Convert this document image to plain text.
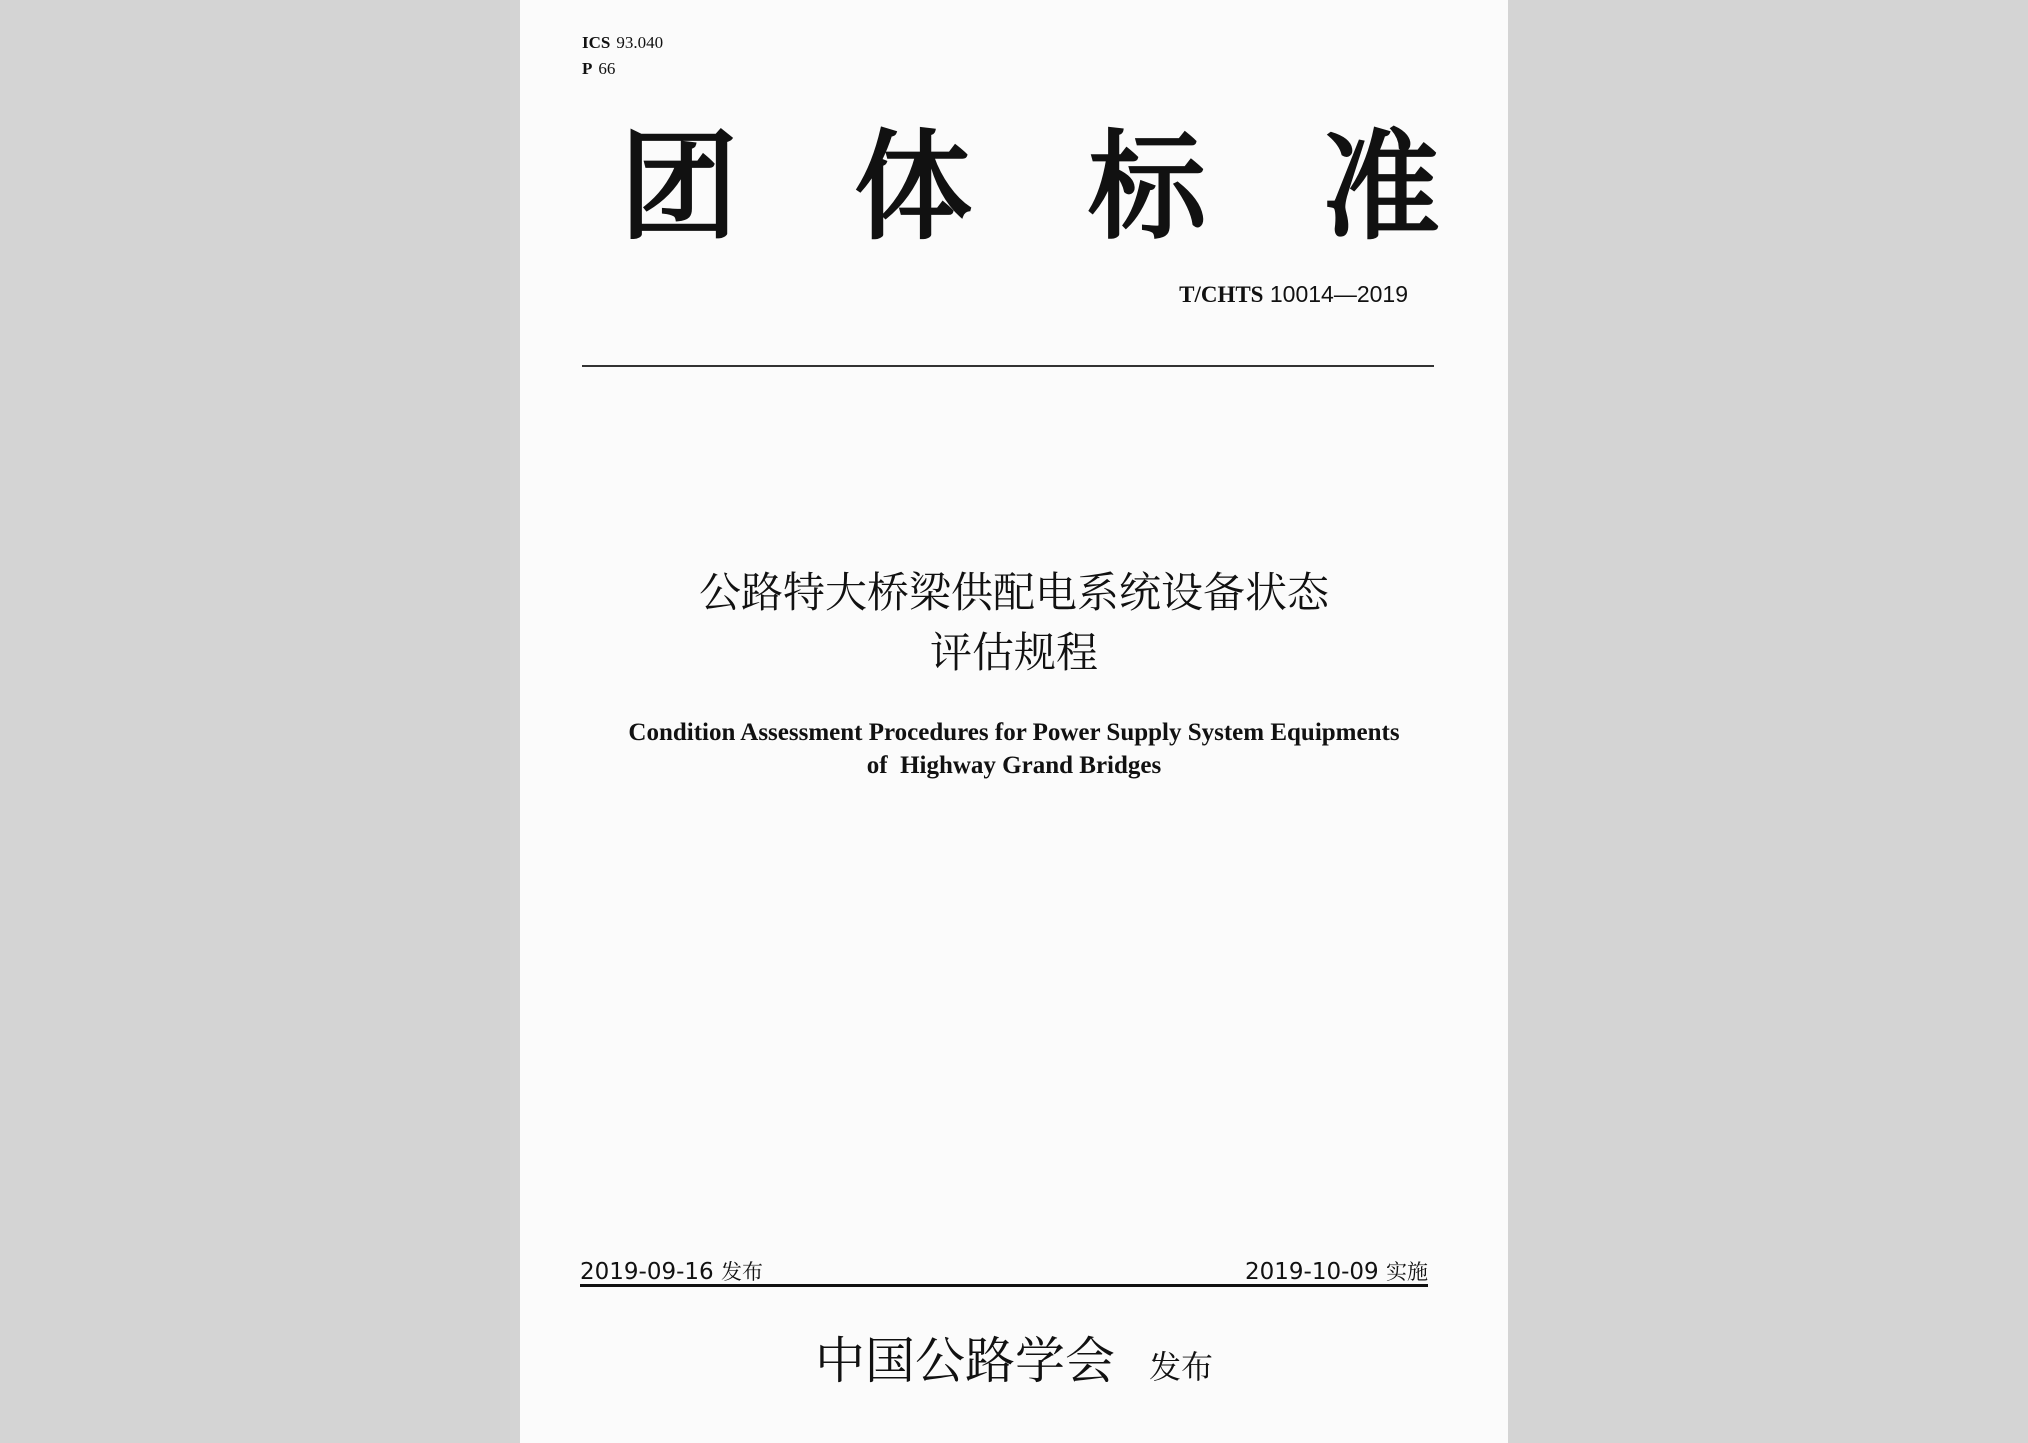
ICS 93.040
P 66
团 体 标 准
T/CHTS 10014—2019
公路特大桥梁供配电系统设备状态
评估规程
Condition Assessment Procedures for Power Supply System Equipments
of  Highway Grand Bridges
2019-09-16 发布	2019-10-09 实施
中国公路学会 发布
